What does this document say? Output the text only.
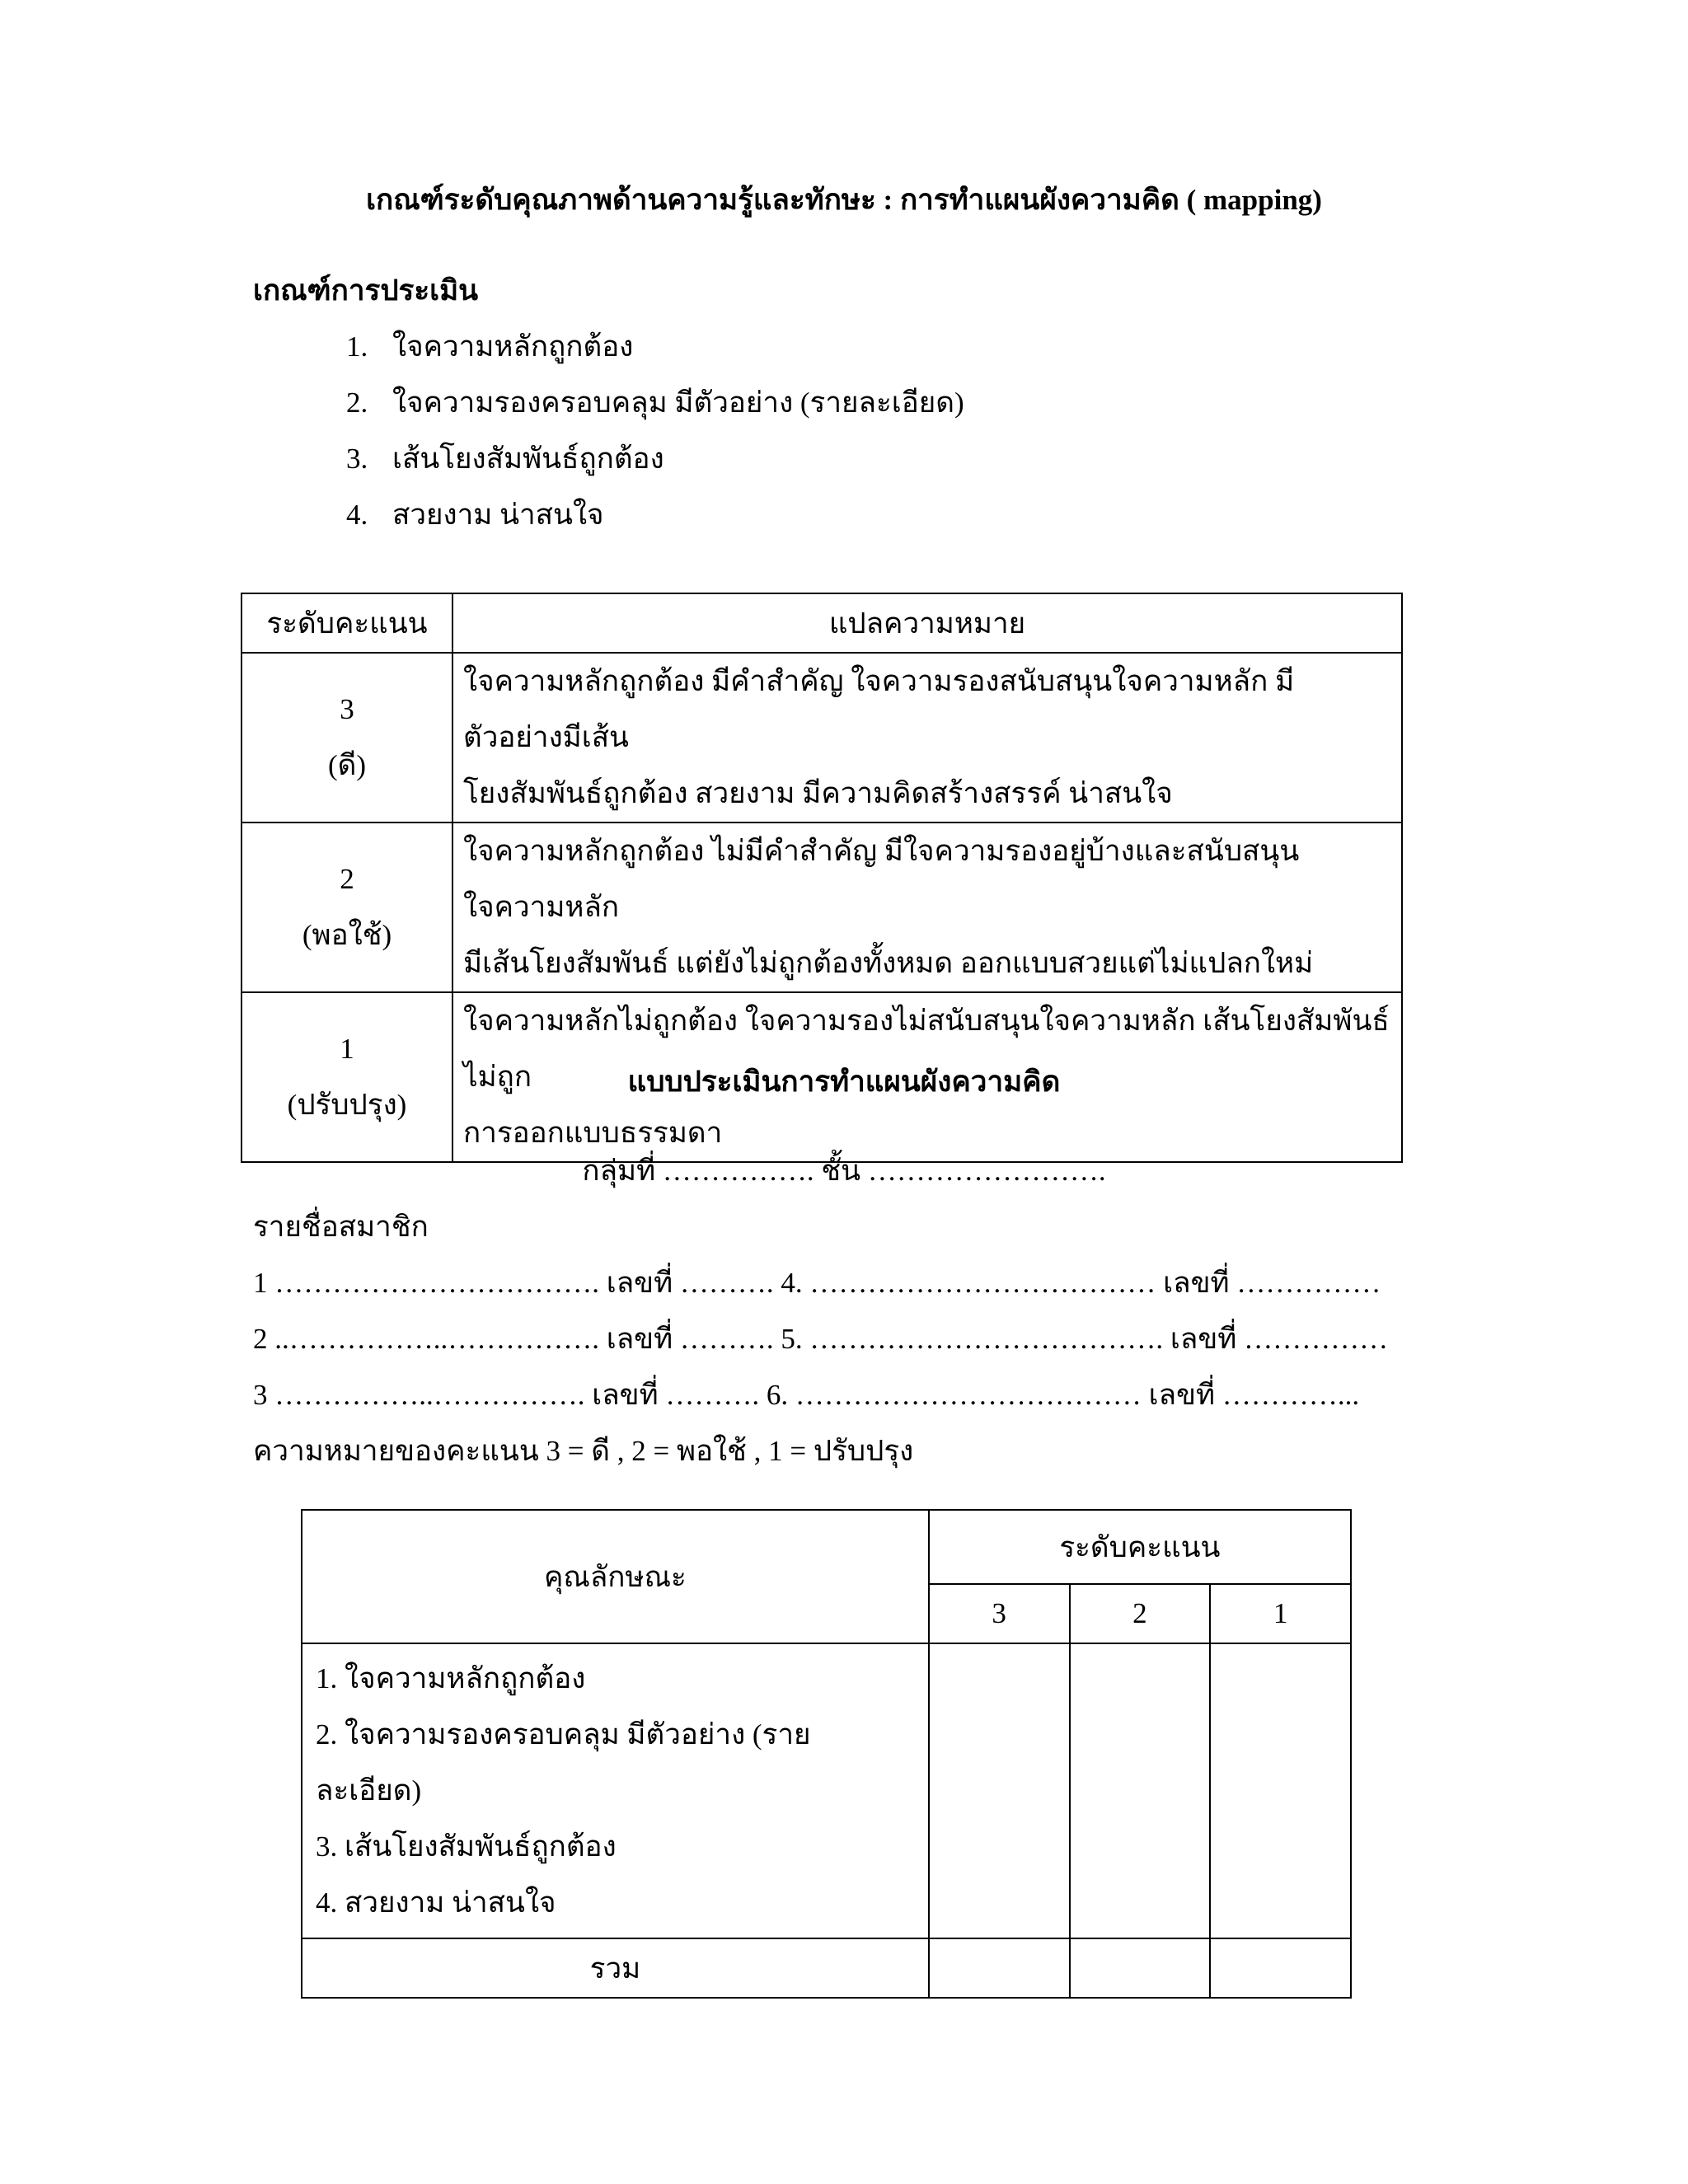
เกณฑ์ระดับคุณภาพด้านความรู้และทักษะ : การทำแผนผังความคิด ( mapping)
เกณฑ์การประเมิน
1. ใจความหลักถูกต้อง
2. ใจความรองครอบคลุม มีตัวอย่าง (รายละเอียด)
3. เส้นโยงสัมพันธ์ถูกต้อง
4. สวยงาม น่าสนใจ
ระดับคะแนน	แปลความหมาย

3
(ดี)	ใจความหลักถูกต้อง มีคำสำคัญ ใจความรองสนับสนุนใจความหลัก มีตัวอย่างมีเส้น
โยงสัมพันธ์ถูกต้อง สวยงาม มีความคิดสร้างสรรค์ น่าสนใจ

2
(พอใช้)	ใจความหลักถูกต้อง ไม่มีคำสำคัญ มีใจความรองอยู่บ้างและสนับสนุนใจความหลัก
มีเส้นโยงสัมพันธ์ แต่ยังไม่ถูกต้องทั้งหมด ออกแบบสวยแต่ไม่แปลกใหม่

1
(ปรับปรุง)	ใจความหลักไม่ถูกต้อง ใจความรองไม่สนับสนุนใจความหลัก เส้นโยงสัมพันธ์ไม่ถูก
การออกแบบธรรมดา
แบบประเมินการทำแผนผังความคิด
กลุ่มที่ ……………. ชั้น …………………….
รายชื่อสมาชิก
1 ……………………………. เลขที่ ………. 4. ……………………………… เลขที่ ……………
2 ..……………..……………. เลขที่ ………. 5. ………………………………. เลขที่ ……………
3 ……………..……………. เลขที่ ………. 6. ……………………………… เลขที่ …………...
ความหมายของคะแนน 3 = ดี , 2 = พอใช้ , 1 = ปรับปรุง
คุณลักษณะ	ระดับคะแนน		
	3	2	1

1. ใจความหลักถูกต้อง
2. ใจความรองครอบคลุม มีตัวอย่าง (รายละเอียด)
3. เส้นโยงสัมพันธ์ถูกต้อง
4. สวยงาม น่าสนใจ			

รวม			
